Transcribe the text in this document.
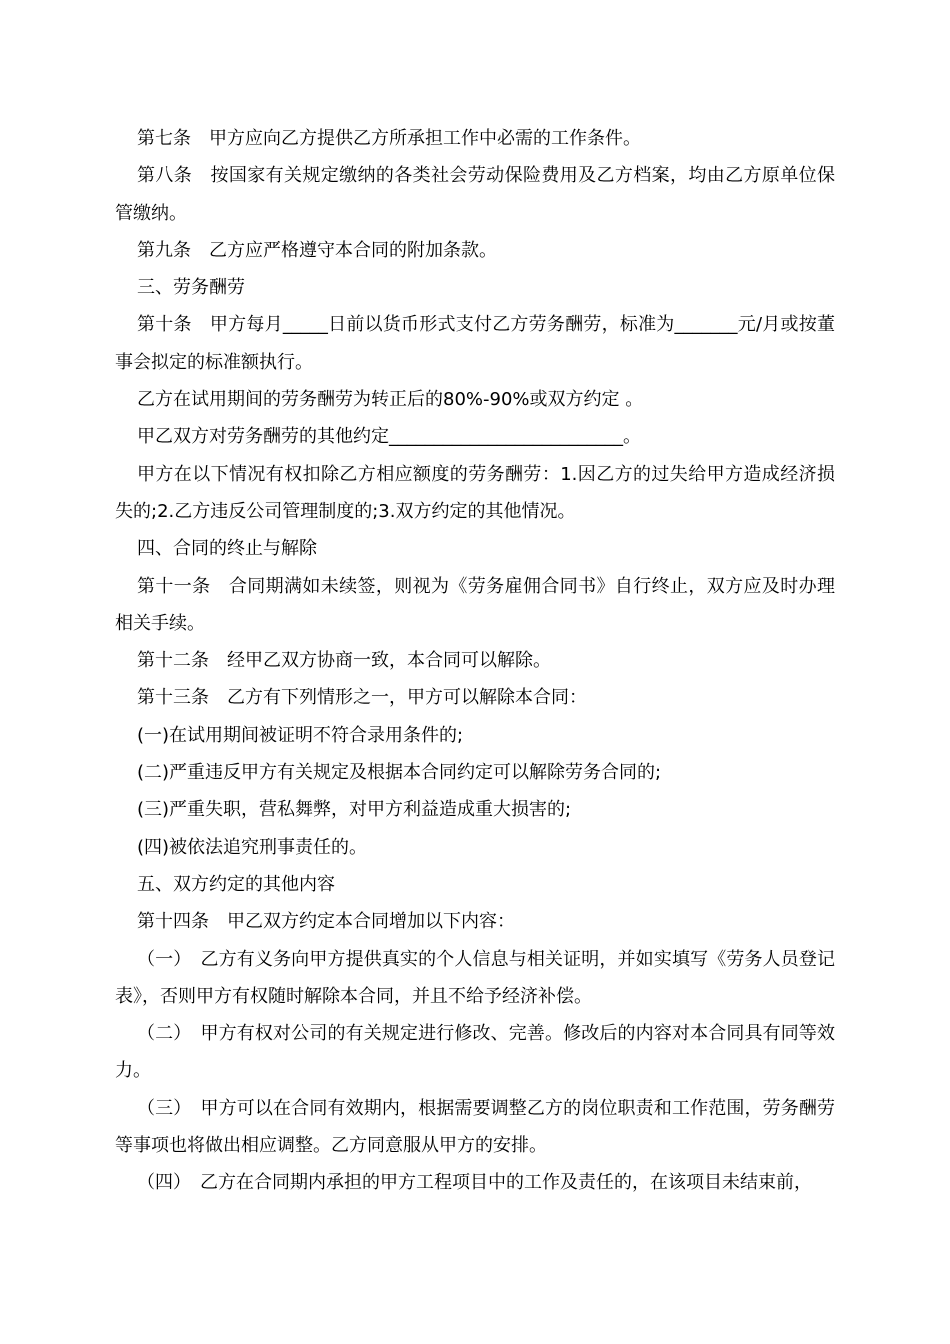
第七条　甲方应向乙方提供乙方所承担工作中必需的工作条件。

第八条　按国家有关规定缴纳的各类社会劳动保险费用及乙方档案，均由乙方原单位保管缴纳。

第九条　乙方应严格遵守本合同的附加条款。

三、劳务酬劳

第十条　甲方每月_____日前以货币形式支付乙方劳务酬劳，标准为_______元/月或按董事会拟定的标准额执行。

乙方在试用期间的劳务酬劳为转正后的80%-90%或双方约定 。

甲乙双方对劳务酬劳的其他约定__________________________。

甲方在以下情况有权扣除乙方相应额度的劳务酬劳：1.因乙方的过失给甲方造成经济损失的;2.乙方违反公司管理制度的;3.双方约定的其他情况。

四、合同的终止与解除

第十一条　合同期满如未续签，则视为《劳务雇佣合同书》自行终止，双方应及时办理相关手续。

第十二条　经甲乙双方协商一致，本合同可以解除。

第十三条　乙方有下列情形之一，甲方可以解除本合同：

(一)在试用期间被证明不符合录用条件的;

(二)严重违反甲方有关规定及根据本合同约定可以解除劳务合同的;

(三)严重失职，营私舞弊，对甲方利益造成重大损害的;

(四)被依法追究刑事责任的。

五、双方约定的其他内容

第十四条　甲乙双方约定本合同增加以下内容：

（一）　乙方有义务向甲方提供真实的个人信息与相关证明，并如实填写《劳务人员登记表》，否则甲方有权随时解除本合同，并且不给予经济补偿。

（二）　甲方有权对公司的有关规定进行修改、完善。修改后的内容对本合同具有同等效力。

（三）　甲方可以在合同有效期内，根据需要调整乙方的岗位职责和工作范围，劳务酬劳等事项也将做出相应调整。乙方同意服从甲方的安排。

（四）　乙方在合同期内承担的甲方工程项目中的工作及责任的，在该项目未结束前，
